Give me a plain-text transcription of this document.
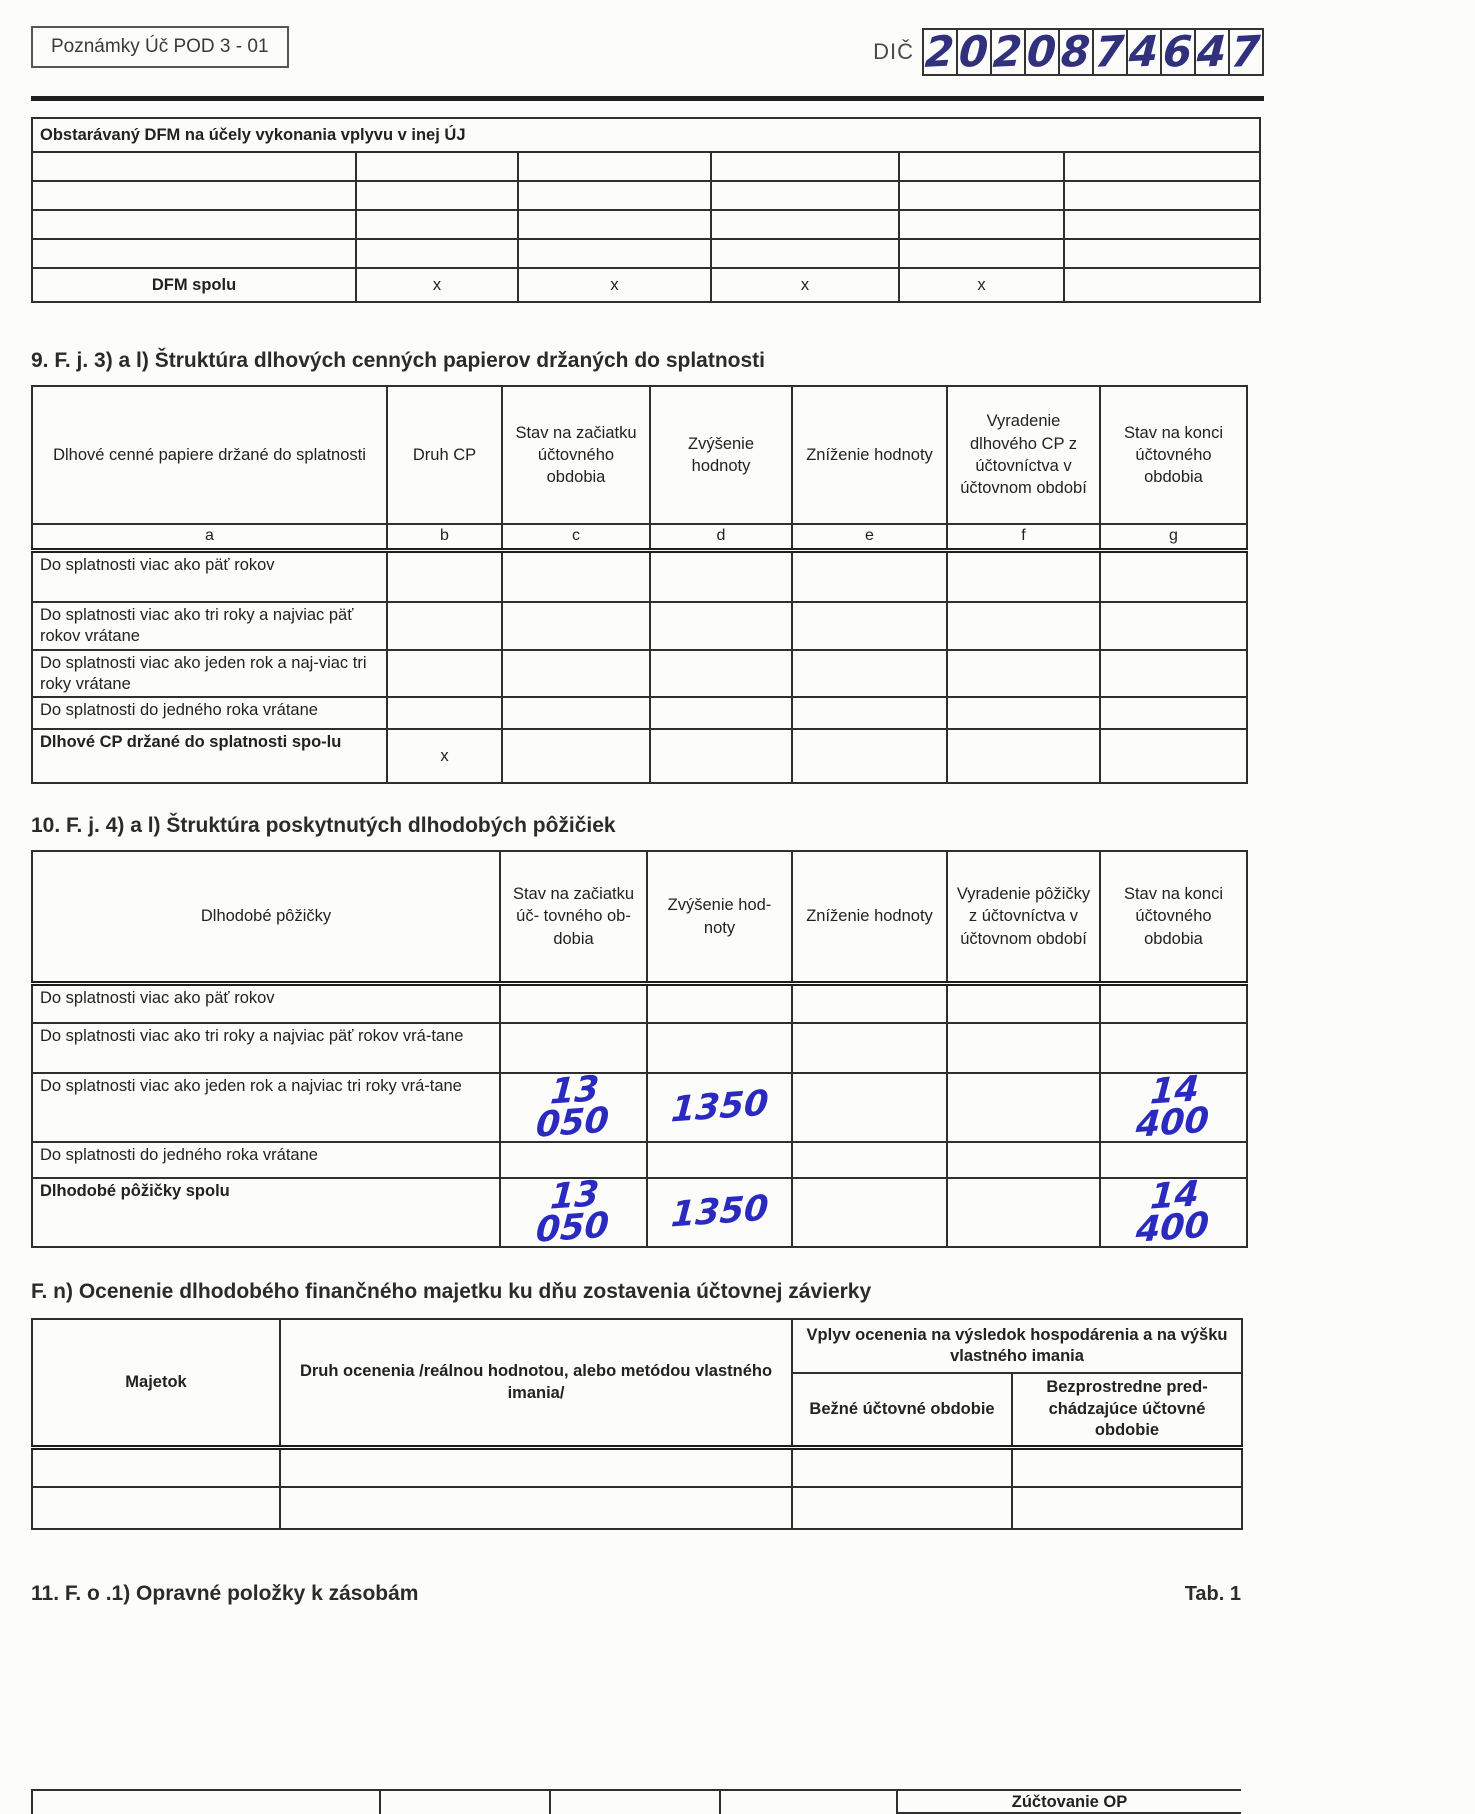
Poznámky Úč POD 3 - 01	DIČ 2 0 2 0 8 7 4 6 4 7
Obstarávaný DFM na účely vykonania vplyvu v inej ÚJ					

DFM spolu	x	x	x	x	
9. F. j. 3) a l) Štruktúra dlhových cenných papierov držaných do splatnosti
Dlhové cenné papiere držané do splatnosti	Druh CP	Stav na začiatku účtovného obdobia	Zvýšenie hodnoty	Zníženie hodnoty	Vyradenie dlhového CP z účtovníctva v účtovnom období	Stav na konci účtovného obdobia
a	b	c	d	e	f	g
Do splatnosti viac ako päť rokov						
Do splatnosti viac ako tri roky a najviac päť rokov vrátane						
Do splatnosti viac ako jeden rok a naj-viac tri roky vrátane						
Do splatnosti do jedného roka vrátane						
Dlhové CP držané do splatnosti spo-lu	x					
10. F. j. 4) a l) Štruktúra poskytnutých dlhodobých pôžičiek
Dlhodobé pôžičky	Stav na začiatku úč- tovného ob- dobia	Zvýšenie hod- noty	Zníženie hodnoty	Vyradenie pôžičky z účtovníctva v účtovnom období	Stav na konci účtovného obdobia
Do splatnosti viac ako päť rokov					
Do splatnosti viac ako tri roky a najviac päť rokov vrá-tane					
Do splatnosti viac ako jeden rok a najviac tri roky vrá-tane	13 050	1350			14 400
Do splatnosti do jedného roka vrátane					
Dlhodobé pôžičky spolu	13 050	1350			14 400
F. n) Ocenenie dlhodobého finančného majetku ku dňu zostavenia účtovnej závierky
Majetok	Druh ocenenia /reálnou hodnotou, alebo metódou vlastného imania/	Vplyv ocenenia na výsledok hospodárenia a na výšku vlastného imania	
		Bežné účtovné obdobie	Bezprostredne pred- chádzajúce účtovné obdobie

11. F. o .1) Opravné položky k zásobám	Tab. 1

Zúčtovanie OP
